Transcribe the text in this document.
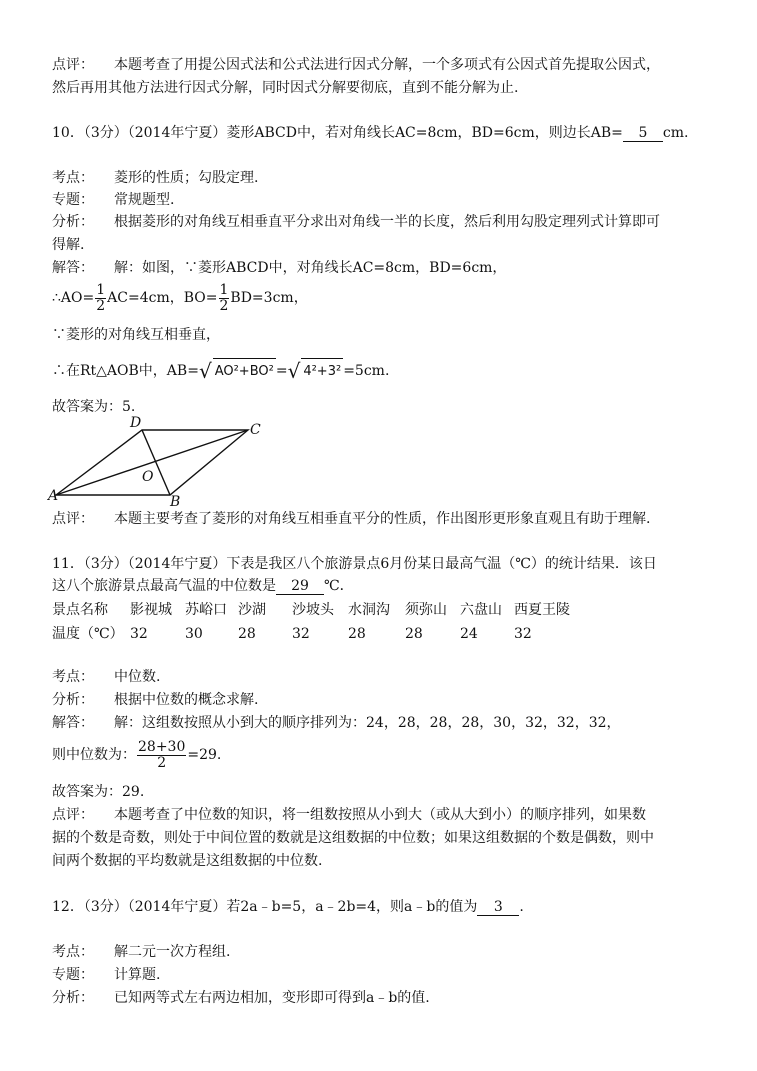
点评： 本题考查了用提公因式法和公式法进行因式分解，一个多项式有公因式首先提取公因式，
然后再用其他方法进行因式分解，同时因式分解要彻底，直到不能分解为止.
10．（3分）（2014年宁夏）菱形ABCD中，若对角线长AC=8cm，BD=6cm，则边长AB= 5 cm.
考点： 菱形的性质；勾股定理.
专题： 常规题型.
分析： 根据菱形的对角线互相垂直平分求出对角线一半的长度，然后利用勾股定理列式计算即可
得解.
解答： 解：如图，∵菱形ABCD中，对角线长AC=8cm，BD=6cm，
∴AO= $\frac{1}{2} AC=4cm$，$BO= \frac{1}{2} BD=3cm$，
∵菱形的对角线互相垂直，
∴在Rt△AOB中，AB=√ AO²+BO² =√ 4²+3² =5cm.
故答案为：5.
A	B
C
D
O
点评： 本题主要考查了菱形的对角线互相垂直平分的性质，作出图形更形象直观且有助于理解.
11．（3分）（2014年宁夏）下表是我区八个旅游景点6月份某日最高气温（℃）的统计结果．该日
这八个旅游景点最高气温的中位数是 29 ℃．
景点名称 影视城 苏峪口 沙湖 沙坡头 水洞沟 须弥山 六盘山 西夏王陵
温度（℃） 32	30	28	32	28	28	24	32
考点： 中位数.
分析： 根据中位数的概念求解.
解答： 解：这组数按照从小到大的顺序排列为：24，28，28，28，30，32，32，32，
则中位数为： $\frac{28+30}{2} =29$.
故答案为：29.
点评： 本题考查了中位数的知识，将一组数按照从小到大（或从大到小）的顺序排列，如果数
据的个数是奇数，则处于中间位置的数就是这组数据的中位数；如果这组数据的个数是偶数，则中
间两个数据的平均数就是这组数据的中位数.
12．（3分）（2014年宁夏）若2a﹣b=5，a﹣2b=4，则a﹣b的值为 3 .
考点： 解二元一次方程组.
专题： 计算题.
分析： 已知两等式左右两边相加，变形即可得到a﹣b的值.
